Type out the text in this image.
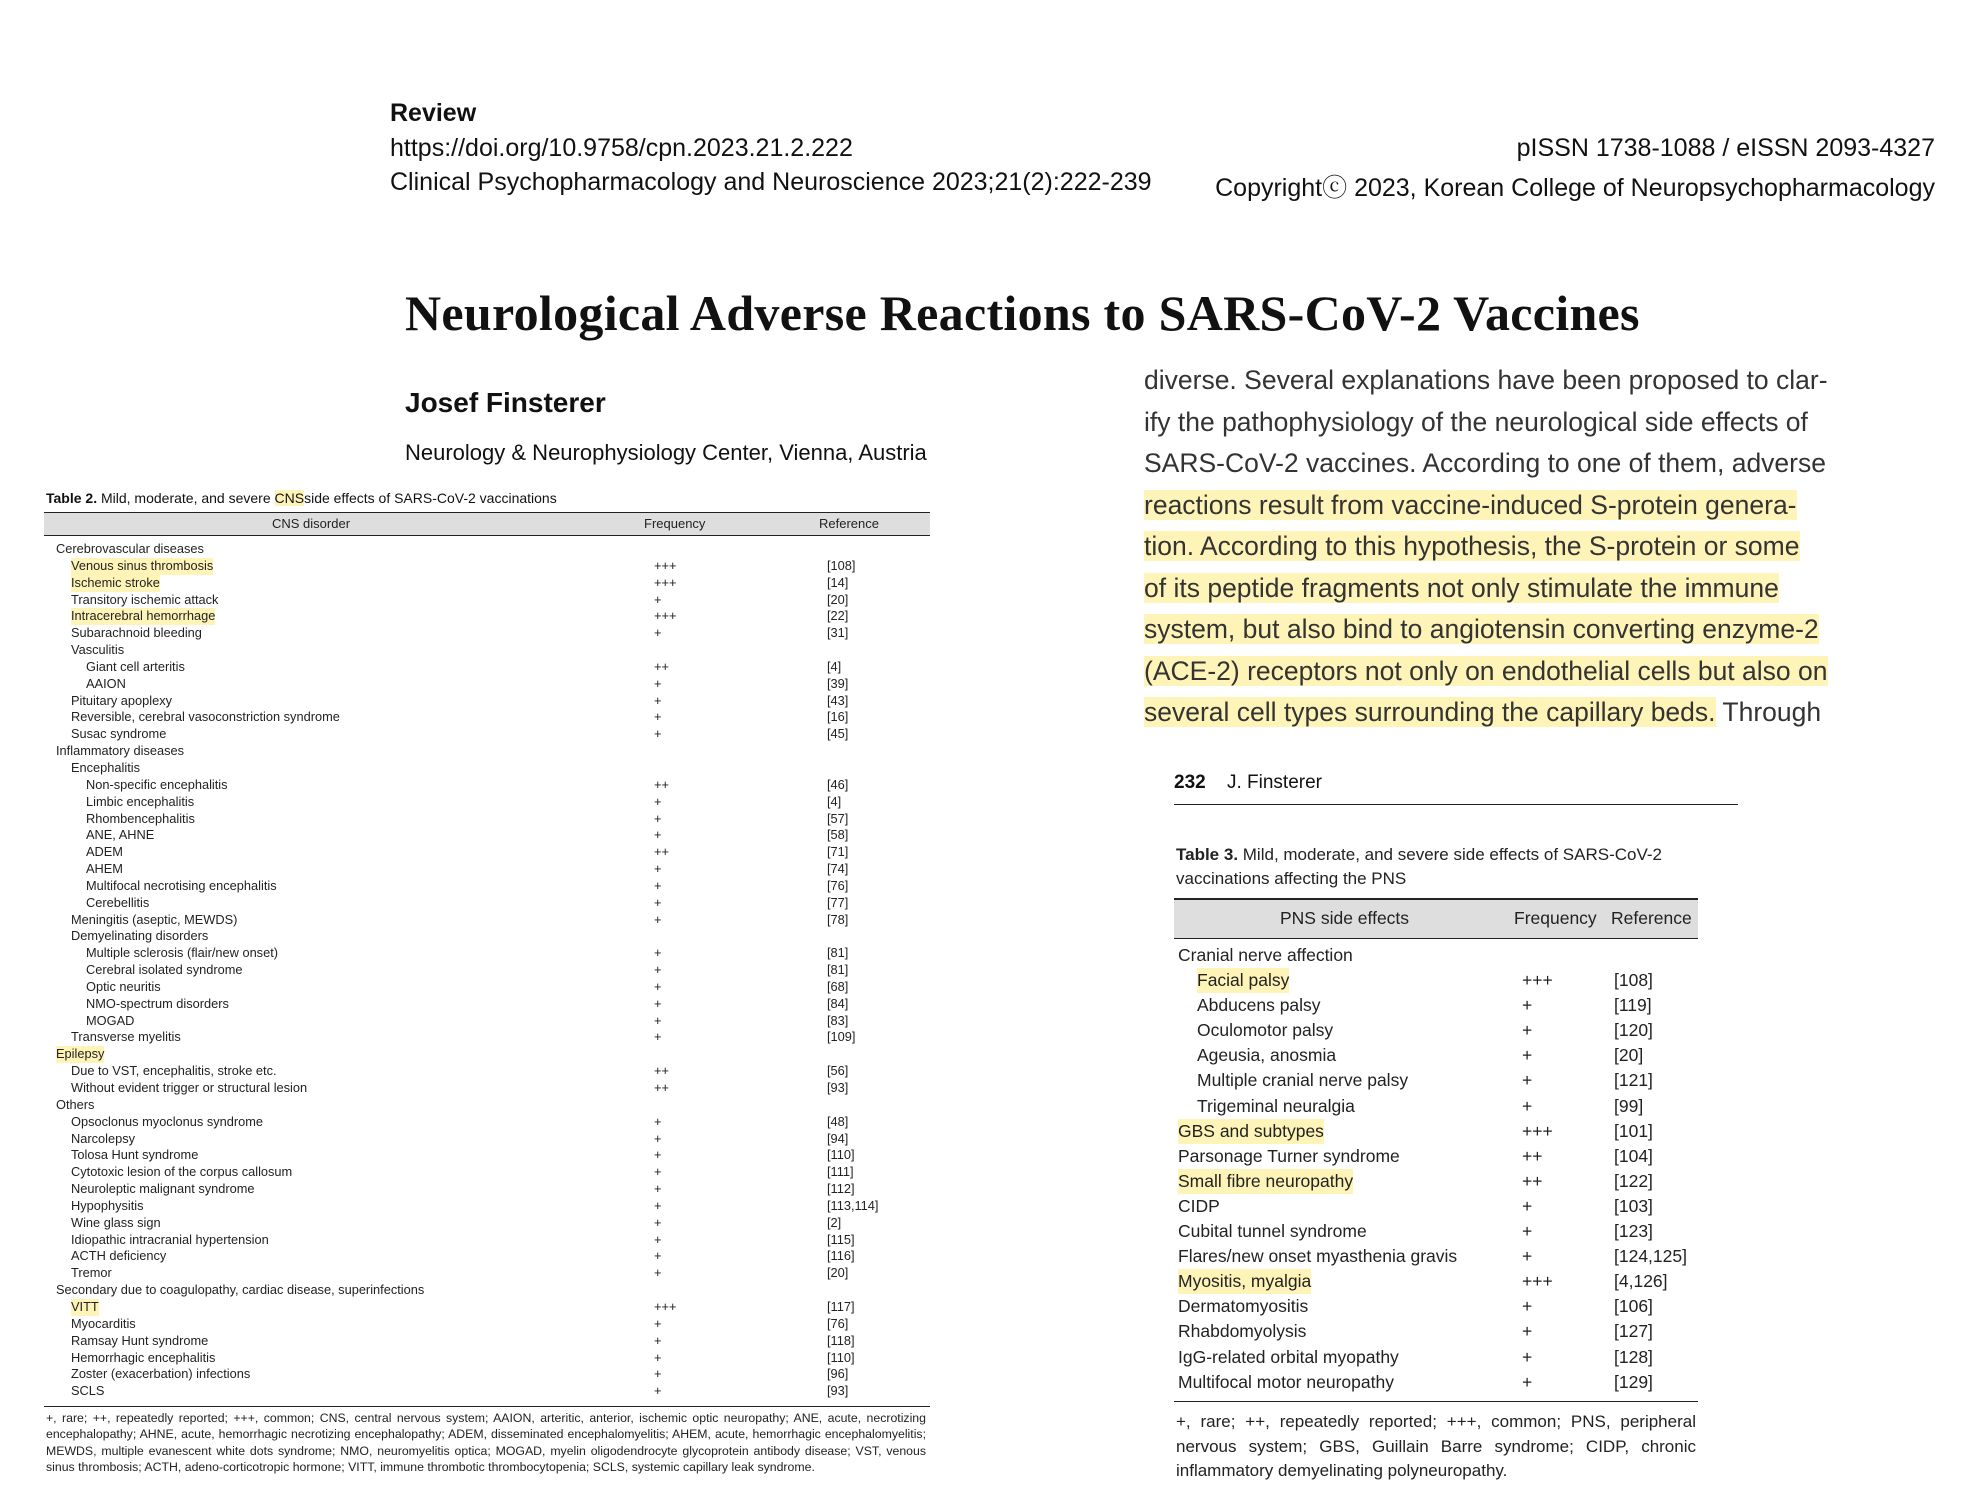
Review
https://doi.org/10.9758/cpn.2023.21.2.222	pISSN 1738-1088 / eISSN 2093-4327
Clinical Psychopharmacology and Neuroscience 2023;21(2):222-239	Copyrightⓒ 2023, Korean College of Neuropsychopharmacology
Neurological Adverse Reactions to SARS-CoV-2 Vaccines
Josef Finsterer
Neurology & Neurophysiology Center, Vienna, Austria
Table 2. Mild, moderate, and severe CNSside effects of SARS-CoV-2 vaccinations
CNS disorder	Frequency	Reference
Cerebrovascular diseases
Venous sinus thrombosis	+++	[108]
Ischemic stroke	+++	[14]
Transitory ischemic attack	+	[20]
Intracerebral hemorrhage	+++	[22]
Subarachnoid bleeding	+	[31]
Vasculitis
Giant cell arteritis	++	[4]
AAION	+	[39]
Pituitary apoplexy	+	[43]
Reversible, cerebral vasoconstriction syndrome	+	[16]
Susac syndrome	+	[45]
Inflammatory diseases
Encephalitis
Non-specific encephalitis	++	[46]
Limbic encephalitis	+	[4]
Rhombencephalitis	+	[57]
ANE, AHNE	+	[58]
ADEM	++	[71]
AHEM	+	[74]
Multifocal necrotising encephalitis	+	[76]
Cerebellitis	+	[77]
Meningitis (aseptic, MEWDS)	+	[78]
Demyelinating disorders
Multiple sclerosis (flair/new onset)	+	[81]
Cerebral isolated syndrome	+	[81]
Optic neuritis	+	[68]
NMO-spectrum disorders	+	[84]
MOGAD	+	[83]
Transverse myelitis	+	[109]
Epilepsy
Due to VST, encephalitis, stroke etc.	++	[56]
Without evident trigger or structural lesion	++	[93]
Others
Opsoclonus myoclonus syndrome	+	[48]
Narcolepsy	+	[94]
Tolosa Hunt syndrome	+	[110]
Cytotoxic lesion of the corpus callosum	+	[111]
Neuroleptic malignant syndrome	+	[112]
Hypophysitis	+	[113,114]
Wine glass sign	+	[2]
Idiopathic intracranial hypertension	+	[115]
ACTH deficiency	+	[116]
Tremor	+	[20]
Secondary due to coagulopathy, cardiac disease, superinfections
VITT	+++	[117]
Myocarditis	+	[76]
Ramsay Hunt syndrome	+	[118]
Hemorrhagic encephalitis	+	[110]
Zoster (exacerbation) infections	+	[96]
SCLS	+	[93]
+, rare; ++, repeatedly reported; +++, common; CNS, central nervous system; AAION, arteritic, anterior, ischemic optic neuropathy; ANE, acute, necrotizing encephalopathy; AHNE, acute, hemorrhagic necrotizing encephalopathy; ADEM, disseminated encephalomyelitis; AHEM, acute, hemorrhagic encephalomyelitis; MEWDS, multiple evanescent white dots syndrome; NMO, neuromyelitis optica; MOGAD, myelin oligodendrocyte glycoprotein antibody disease; VST, venous sinus thrombosis; ACTH, adeno-corticotropic hormone; VITT, immune thrombotic thrombocytopenia; SCLS, systemic capillary leak syndrome.
diverse. Several explanations have been proposed to clar-
ify the pathophysiology of the neurological side effects of
SARS-CoV-2 vaccines. According to one of them, adverse
reactions result from vaccine-induced S-protein genera-
tion. According to this hypothesis, the S-protein or some
of its peptide fragments not only stimulate the immune
system, but also bind to angiotensin converting enzyme-2
(ACE-2) receptors not only on endothelial cells but also on
several cell types surrounding the capillary beds. Through
232 J. Finsterer
Table 3. Mild, moderate, and severe side effects of SARS-CoV-2 vaccinations affecting the PNS
PNS side effects	Frequency Reference
Cranial nerve affection
Facial palsy	+++	[108]
Abducens palsy	+	[119]
Oculomotor palsy	+	[120]
Ageusia, anosmia	+	[20]
Multiple cranial nerve palsy	+	[121]
Trigeminal neuralgia	+	[99]
GBS and subtypes	+++	[101]
Parsonage Turner syndrome	++	[104]
Small fibre neuropathy	++	[122]
CIDP	+	[103]
Cubital tunnel syndrome	+	[123]
Flares/new onset myasthenia gravis	+	[124,125]
Myositis, myalgia	+++	[4,126]
Dermatomyositis	+	[106]
Rhabdomyolysis	+	[127]
IgG-related orbital myopathy	+	[128]
Multifocal motor neuropathy	+	[129]
+, rare; ++, repeatedly reported; +++, common; PNS, peripheral nervous system; GBS, Guillain Barre syndrome; CIDP, chronic inflammatory demyelinating polyneuropathy.
